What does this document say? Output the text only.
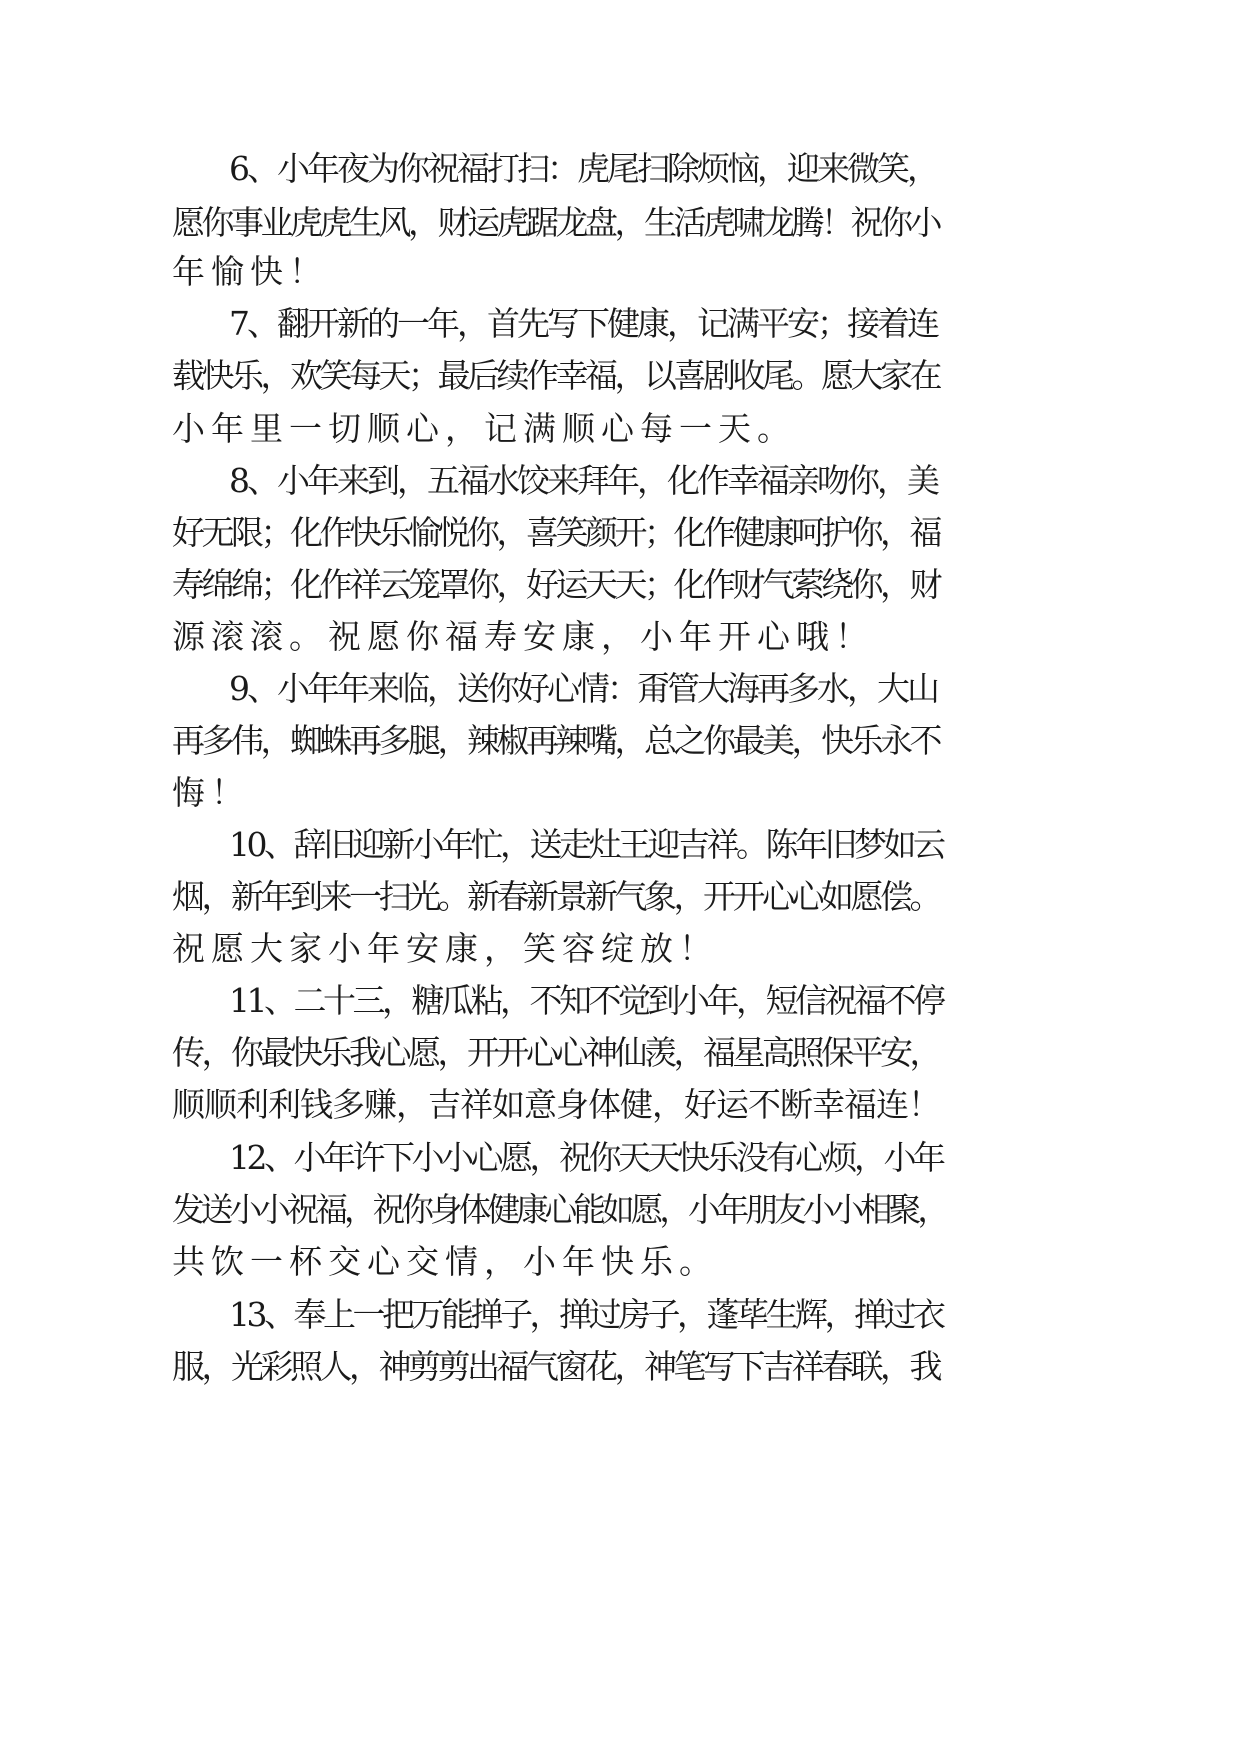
6、小年夜为你祝福打扫：虎尾扫除烦恼，迎来微笑，
愿你事业虎虎生风，财运虎踞龙盘，生活虎啸龙腾！祝你小
年愉快！
7、翻开新的一年，首先写下健康，记满平安；接着连
载快乐，欢笑每天；最后续作幸福，以喜剧收尾。愿大家在
小年里一切顺心，记满顺心每一天。
8、小年来到，五福水饺来拜年，化作幸福亲吻你，美
好无限；化作快乐愉悦你，喜笑颜开；化作健康呵护你，福
寿绵绵；化作祥云笼罩你，好运天天；化作财气萦绕你，财
源滚滚。祝愿你福寿安康，小年开心哦！
9、小年年来临，送你好心情：甭管大海再多水，大山
再多伟，蜘蛛再多腿，辣椒再辣嘴，总之你最美，快乐永不
悔！
10、辞旧迎新小年忙，送走灶王迎吉祥。陈年旧梦如云
烟，新年到来一扫光。新春新景新气象，开开心心如愿偿。
祝愿大家小年安康，笑容绽放！
11、二十三，糖瓜粘，不知不觉到小年，短信祝福不停
传，你最快乐我心愿，开开心心神仙羡，福星高照保平安，
顺顺利利钱多赚，吉祥如意身体健，好运不断幸福连！
12、小年许下小小心愿，祝你天天快乐没有心烦，小年
发送小小祝福，祝你身体健康心能如愿，小年朋友小小相聚，
共饮一杯交心交情，小年快乐。
13、奉上一把万能掸子，掸过房子，蓬荜生辉，掸过衣
服，光彩照人，神剪剪出福气窗花，神笔写下吉祥春联，我
